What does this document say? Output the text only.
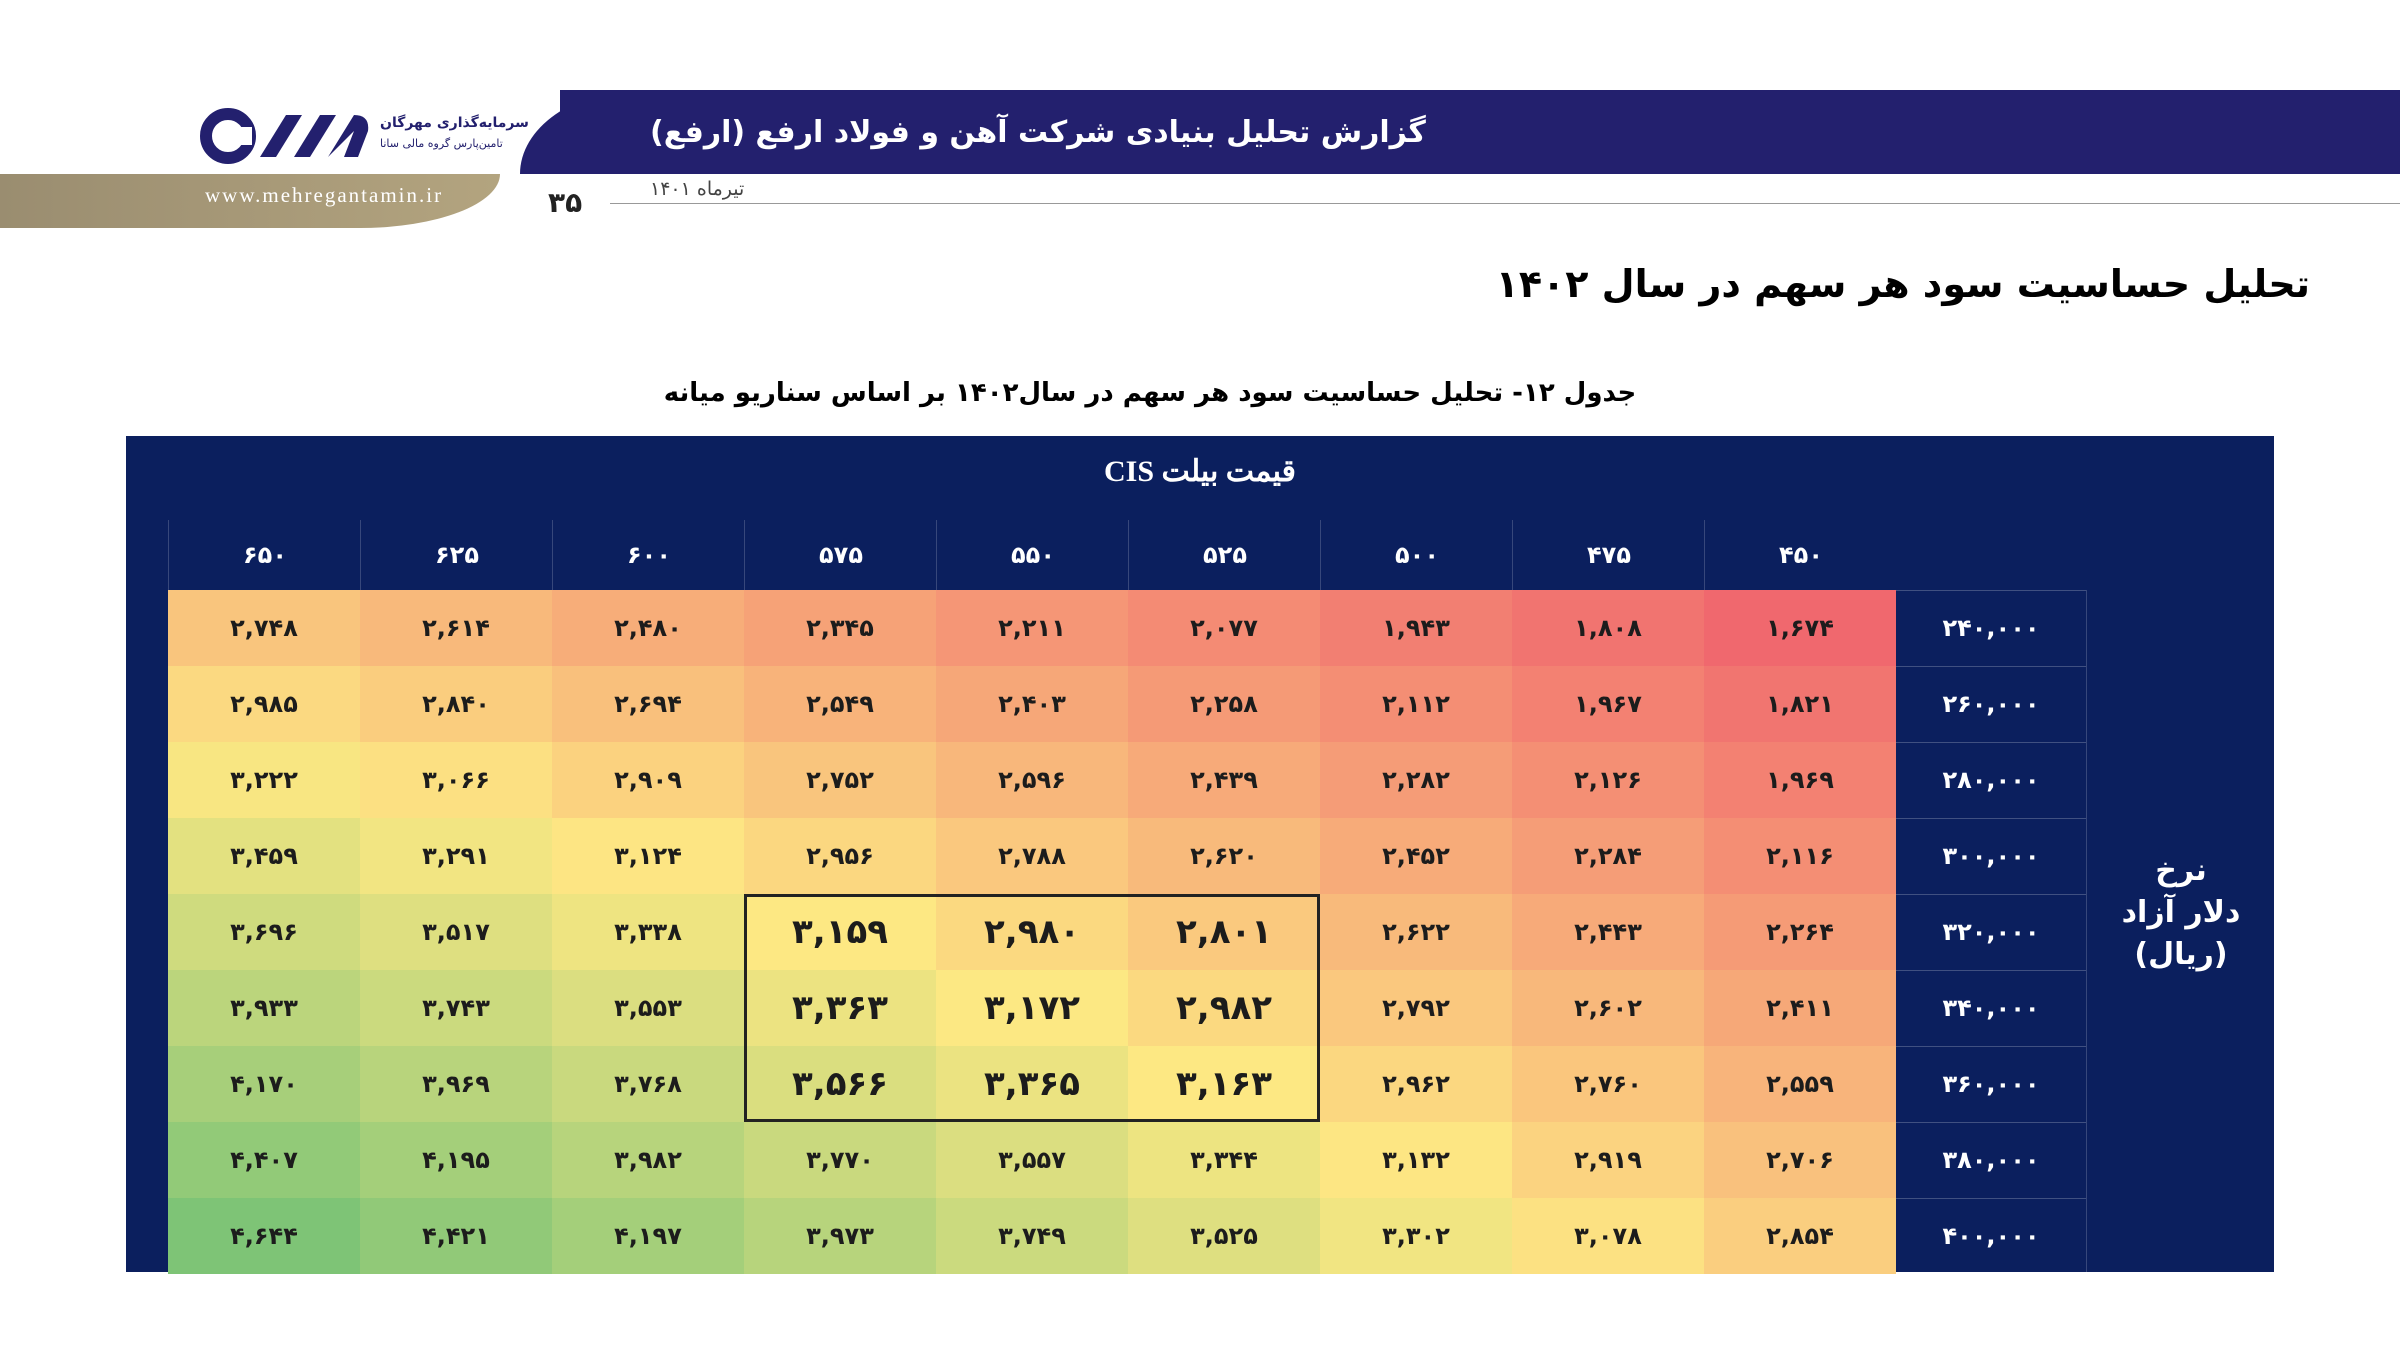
گزارش تحلیل بنیادی شرکت آهن و فولاد ارفع (ارفع)
سرمایه‌گذاری مهرگان
تامین‌پارس گروه مالی سانا
www.mehregantamin.ir	۳۵	تیرماه ۱۴۰۱
تحلیل حساسیت سود هر سهم در سال ۱۴۰۲
جدول ۱۲- تحلیل حساسیت سود هر سهم در سال۱۴۰۲ بر اساس سناریو میانه
قیمت بیلت CIS
نرخ
دلار آزاد
(ریال)
۴۵۰
۴۷۵
۵۰۰
۵۲۵
۵۵۰
۵۷۵
۶۰۰
۶۲۵
۶۵۰
۲۴۰,۰۰۰
۲۶۰,۰۰۰
۲۸۰,۰۰۰
۳۰۰,۰۰۰
۳۲۰,۰۰۰
۳۴۰,۰۰۰
۳۶۰,۰۰۰
۳۸۰,۰۰۰
۴۰۰,۰۰۰
۱,۶۷۴
۱,۸۰۸
۱,۹۴۳
۲,۰۷۷
۲,۲۱۱
۲,۳۴۵
۲,۴۸۰
۲,۶۱۴
۲,۷۴۸
۱,۸۲۱
۱,۹۶۷
۲,۱۱۲
۲,۲۵۸
۲,۴۰۳
۲,۵۴۹
۲,۶۹۴
۲,۸۴۰
۲,۹۸۵
۱,۹۶۹
۲,۱۲۶
۲,۲۸۲
۲,۴۳۹
۲,۵۹۶
۲,۷۵۲
۲,۹۰۹
۳,۰۶۶
۳,۲۲۲
۲,۱۱۶
۲,۲۸۴
۲,۴۵۲
۲,۶۲۰
۲,۷۸۸
۲,۹۵۶
۳,۱۲۴
۳,۲۹۱
۳,۴۵۹
۲,۲۶۴
۲,۴۴۳
۲,۶۲۲
۲,۸۰۱
۲,۹۸۰
۳,۱۵۹
۳,۳۳۸
۳,۵۱۷
۳,۶۹۶
۲,۴۱۱
۲,۶۰۲
۲,۷۹۲
۲,۹۸۲
۳,۱۷۲
۳,۳۶۳
۳,۵۵۳
۳,۷۴۳
۳,۹۳۳
۲,۵۵۹
۲,۷۶۰
۲,۹۶۲
۳,۱۶۳
۳,۳۶۵
۳,۵۶۶
۳,۷۶۸
۳,۹۶۹
۴,۱۷۰
۲,۷۰۶
۲,۹۱۹
۳,۱۳۲
۳,۳۴۴
۳,۵۵۷
۳,۷۷۰
۳,۹۸۲
۴,۱۹۵
۴,۴۰۷
۲,۸۵۴
۳,۰۷۸
۳,۳۰۲
۳,۵۲۵
۳,۷۴۹
۳,۹۷۳
۴,۱۹۷
۴,۴۲۱
۴,۶۴۴
